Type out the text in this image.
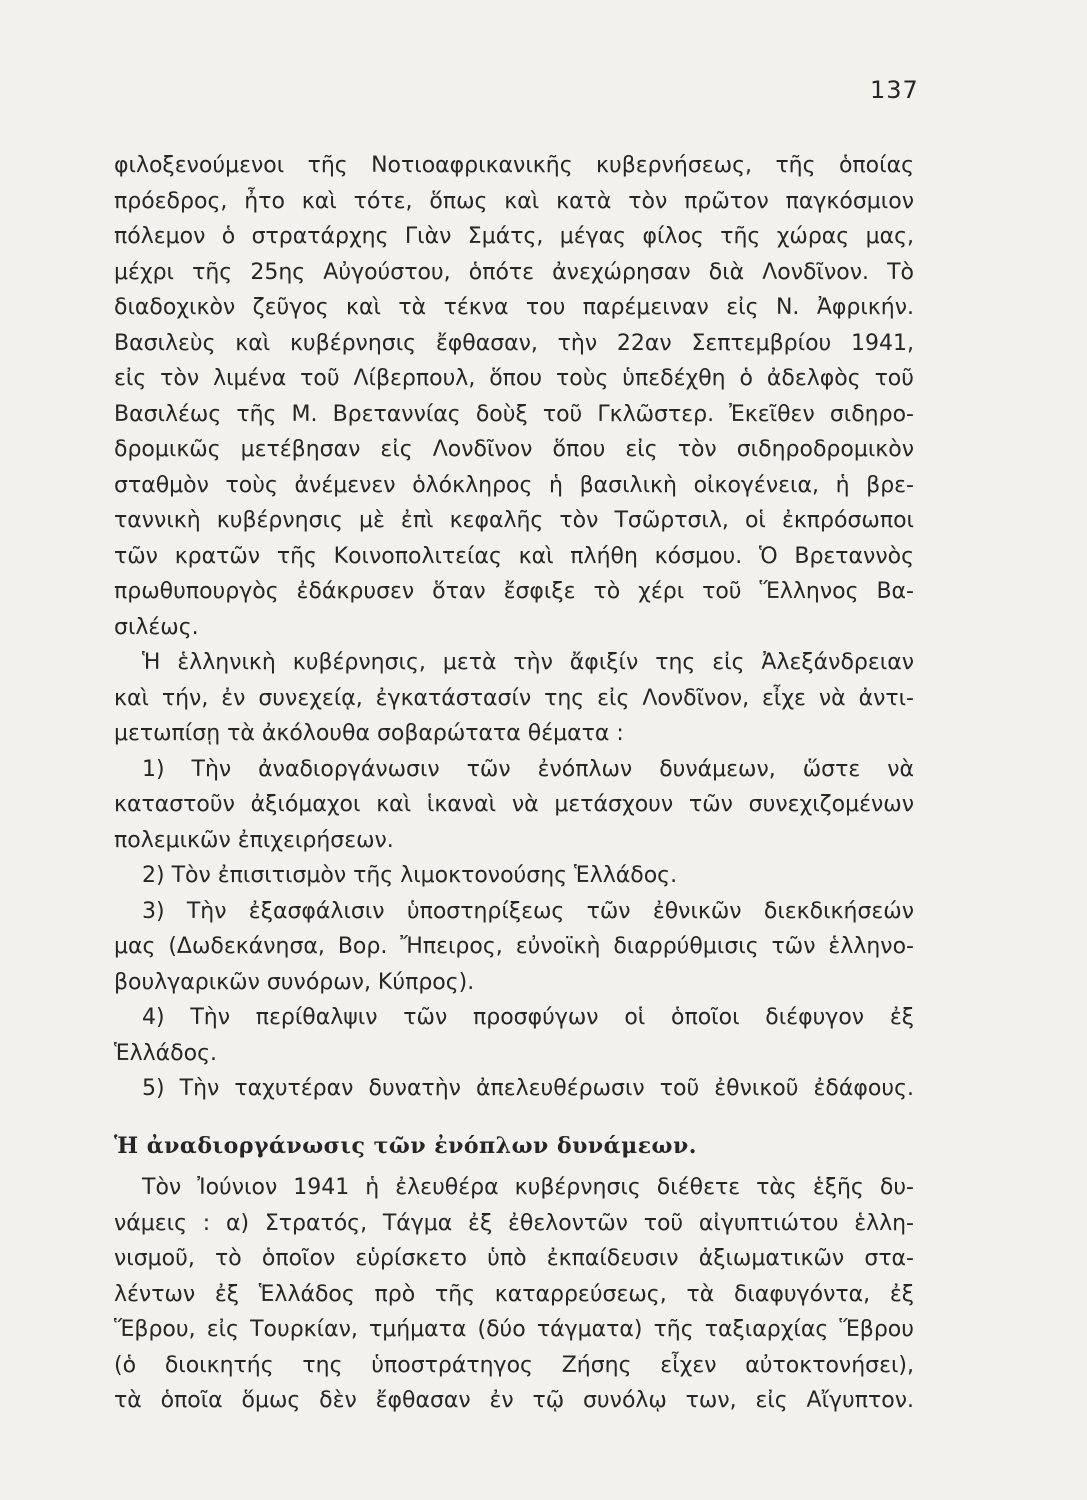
137
φιλοξενούμενοι τῆς Νοτιοαφρικανικῆς κυβερνήσεως, τῆς ὁποίας
πρόεδρος, ἦτο καὶ τότε, ὅπως καὶ κατὰ τὸν πρῶτον παγκόσμιον
πόλεμον ὁ στρατάρχης Γιὰν Σμάτς, μέγας φίλος τῆς χώρας μας,
μέχρι τῆς 25ης Αὐγούστου, ὁπότε ἀνεχώρησαν διὰ Λονδῖνον. Τὸ
διαδοχικὸν ζεῦγος καὶ τὰ τέκνα του παρέμειναν εἰς Ν. Ἀφρικήν.
Βασιλεὺς καὶ κυβέρνησις ἔφθασαν, τὴν 22αν Σεπτεμβρίου 1941,
εἰς τὸν λιμένα τοῦ Λίβερπουλ, ὅπου τοὺς ὑπεδέχθη ὁ ἀδελφὸς τοῦ
Βασιλέως τῆς Μ. Βρεταννίας δοὺξ τοῦ Γκλῶστερ. Ἐκεῖθεν σιδηρο-
δρομικῶς μετέβησαν εἰς Λονδῖνον ὅπου εἰς τὸν σιδηροδρομικὸν
σταθμὸν τοὺς ἀνέμενεν ὁλόκληρος ἡ βασιλικὴ οἰκογένεια, ἡ βρε-
ταννικὴ κυβέρνησις μὲ ἐπὶ κεφαλῆς τὸν Τσῶρτσιλ, οἱ ἐκπρόσωποι
τῶν κρατῶν τῆς Κοινοπολιτείας καὶ πλήθη κόσμου. Ὁ Βρεταννὸς
πρωθυπουργὸς ἐδάκρυσεν ὅταν ἔσφιξε τὸ χέρι τοῦ Ἕλληνος Βα-
σιλέως.
Ἡ ἑλληνικὴ κυβέρνησις, μετὰ τὴν ἄφιξίν της εἰς Ἀλεξάνδρειαν
καὶ τήν, ἐν συνεχείᾳ, ἐγκατάστασίν της εἰς Λονδῖνον, εἶχε νὰ ἀντι-
μετωπίσῃ τὰ ἀκόλουθα σοβαρώτατα θέματα :
1) Τὴν ἀναδιοργάνωσιν τῶν ἐνόπλων δυνάμεων, ὥστε νὰ
καταστοῦν ἀξιόμαχοι καὶ ἱκαναὶ νὰ μετάσχουν τῶν συνεχιζομένων
πολεμικῶν ἐπιχειρήσεων.
2) Τὸν ἐπισιτισμὸν τῆς λιμοκτονούσης Ἑλλάδος.
3) Τὴν ἐξασφάλισιν ὑποστηρίξεως τῶν ἐθνικῶν διεκδικήσεών
μας (Δωδεκάνησα, Βορ. Ἤπειρος, εὐνοϊκὴ διαρρύθμισις τῶν ἑλληνο-
βουλγαρικῶν συνόρων, Κύπρος).
4) Τὴν περίθαλψιν τῶν προσφύγων οἱ ὁποῖοι διέφυγον ἐξ
Ἑλλάδος.
5) Τὴν ταχυτέραν δυνατὴν ἀπελευθέρωσιν τοῦ ἐθνικοῦ ἐδάφους.
Ἡ ἀναδιοργάνωσις τῶν ἐνόπλων δυνάμεων.
Τὸν Ἰούνιον 1941 ἡ ἐλευθέρα κυβέρνησις διέθετε τὰς ἑξῆς δυ-
νάμεις : α) Στρατός, Τάγμα ἐξ ἐθελοντῶν τοῦ αἰγυπτιώτου ἑλλη-
νισμοῦ, τὸ ὁποῖον εὑρίσκετο ὑπὸ ἐκπαίδευσιν ἀξιωματικῶν στα-
λέντων ἐξ Ἑλλάδος πρὸ τῆς καταρρεύσεως, τὰ διαφυγόντα, ἐξ
Ἕβρου, εἰς Τουρκίαν, τμήματα (δύο τάγματα) τῆς ταξιαρχίας Ἕβρου
(ὁ διοικητής της ὑποστράτηγος Ζήσης εἶχεν αὐτοκτονήσει),
τὰ ὁποῖα ὅμως δὲν ἔφθασαν ἐν τῷ συνόλῳ των, εἰς Αἴγυπτον.
